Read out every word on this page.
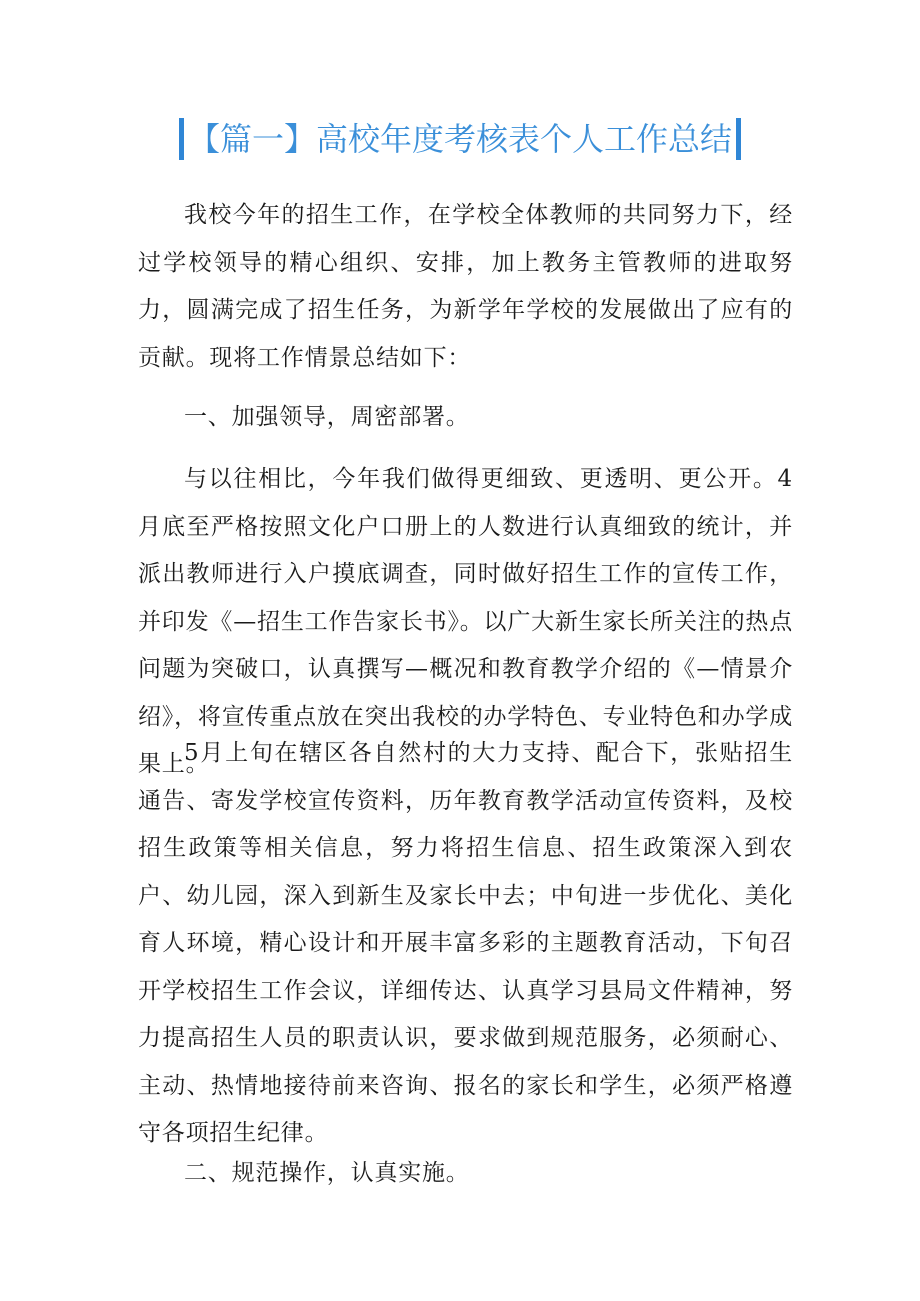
【篇一】高校年度考核表个人工作总结

我校今年的招生工作，在学校全体教师的共同努力下，经过学校领导的精心组织、安排，加上教务主管教师的进取努力，圆满完成了招生任务，为新学年学校的发展做出了应有的贡献。现将工作情景总结如下：

一、加强领导，周密部署。

与以往相比，今年我们做得更细致、更透明、更公开。4月底至严格按照文化户口册上的人数进行认真细致的统计，并派出教师进行入户摸底调查，同时做好招生工作的宣传工作，并印发《—招生工作告家长书》。以广大新生家长所关注的热点问题为突破口，认真撰写—概况和教育教学介绍的《—情景介绍》，将宣传重点放在突出我校的办学特色、专业特色和办学成果上。

5月上旬在辖区各自然村的大力支持、配合下，张贴招生通告、寄发学校宣传资料，历年教育教学活动宣传资料，及校招生政策等相关信息，努力将招生信息、招生政策深入到农户、幼儿园，深入到新生及家长中去；中旬进一步优化、美化育人环境，精心设计和开展丰富多彩的主题教育活动，下旬召开学校招生工作会议，详细传达、认真学习县局文件精神，努力提高招生人员的职责认识，要求做到规范服务，必须耐心、主动、热情地接待前来咨询、报名的家长和学生，必须严格遵守各项招生纪律。

二、规范操作，认真实施。
